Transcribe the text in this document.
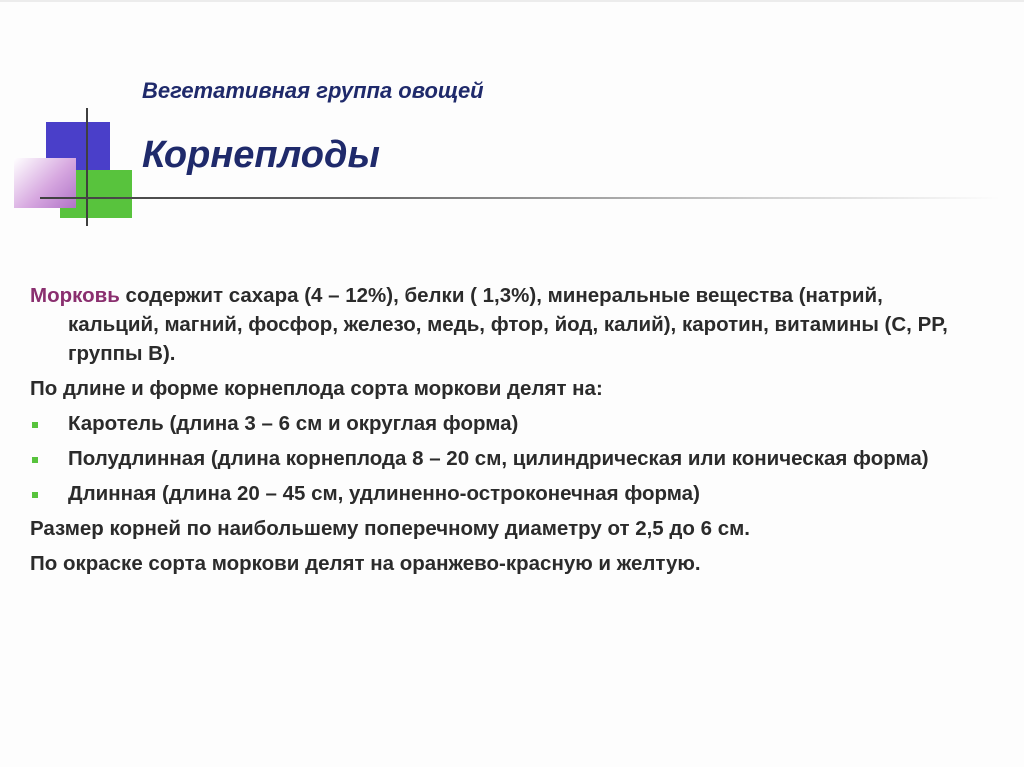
Вегетативная группа овощей
Корнеплоды

Морковь содержит сахара (4 – 12%), белки ( 1,3%), минеральные вещества (натрий, кальций, магний, фосфор, железо, медь, фтор, йод, калий), каротин, витамины (С, РР, группы В).

По длине и форме корнеплода сорта моркови делят на:

Каротель (длина 3 – 6 см и округлая форма)
Полудлинная (длина корнеплода 8 – 20 см, цилиндрическая или коническая форма)
Длинная (длина 20 – 45 см, удлиненно-остроконечная форма)

Размер корней по наибольшему поперечному диаметру от 2,5 до 6 см.

По окраске сорта моркови делят на оранжево-красную и желтую.
